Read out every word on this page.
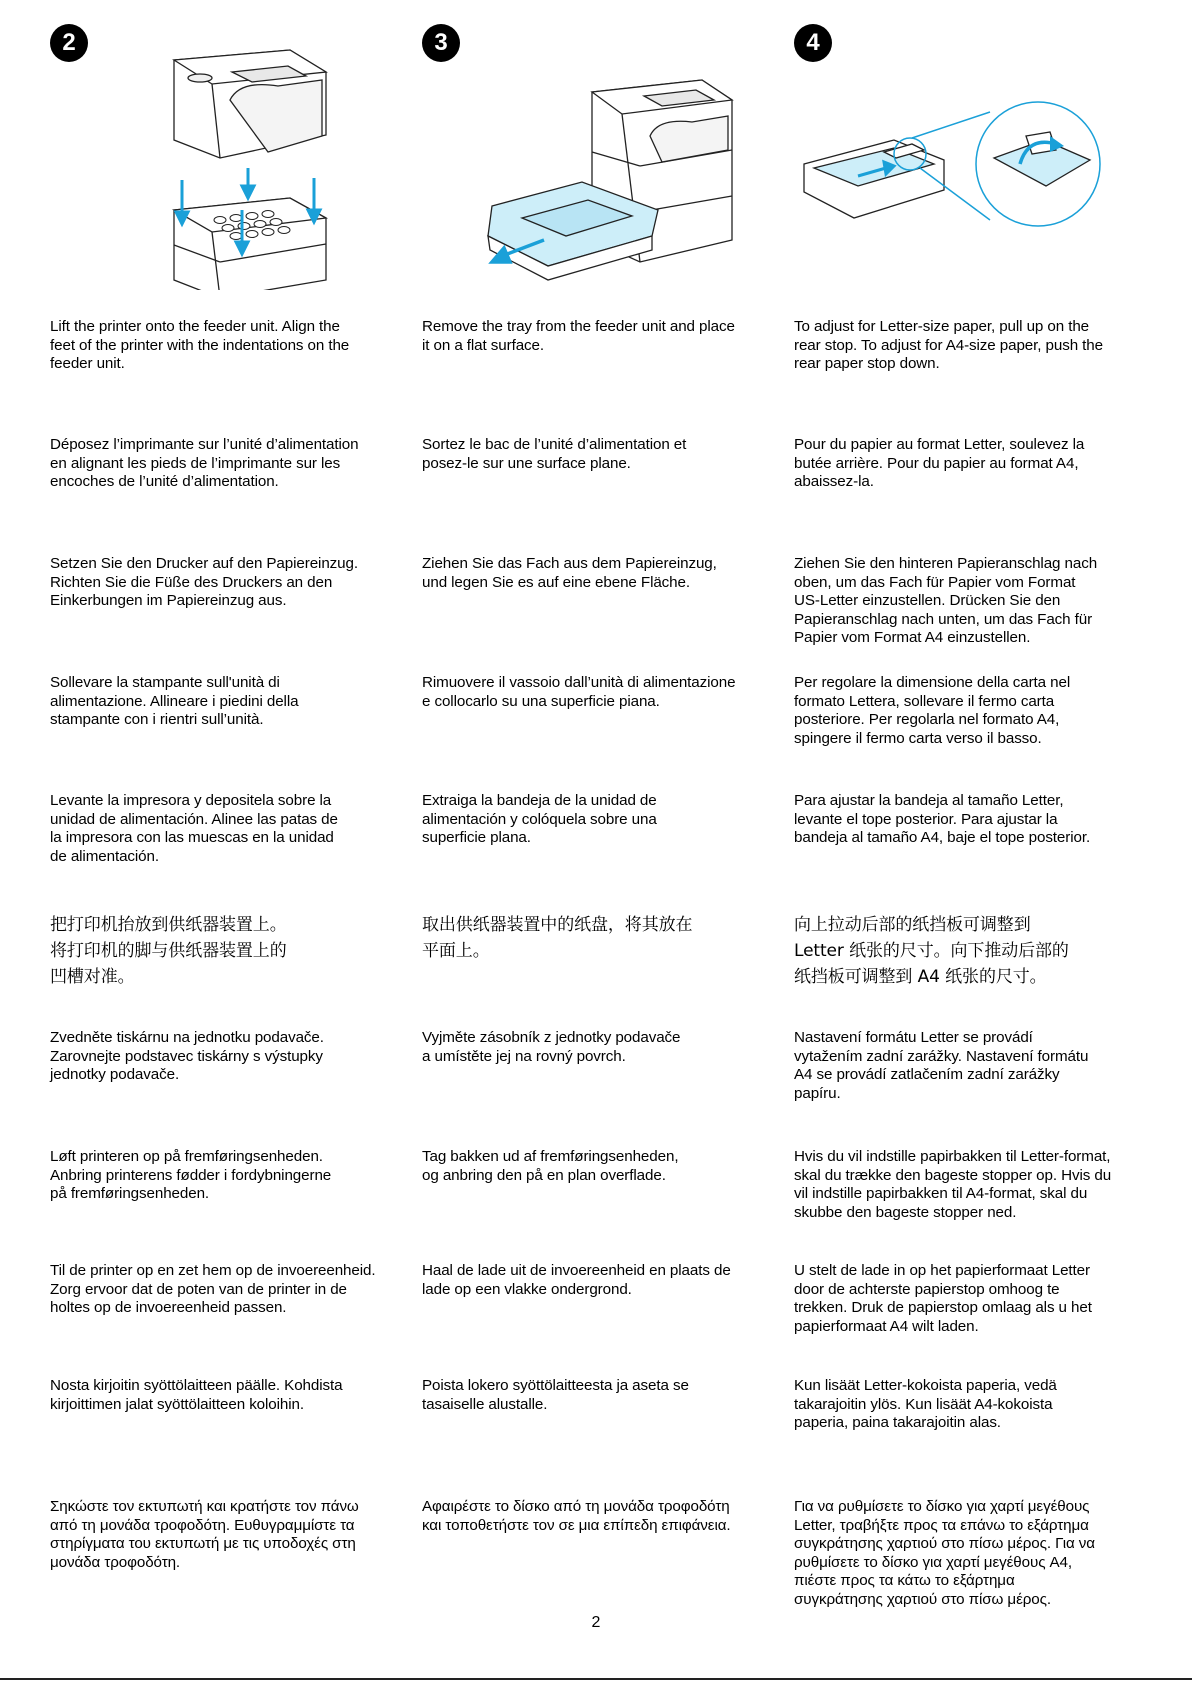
2	3	4
Lift the printer onto the feeder unit. Align the
feet of the printer with the indentations on the
feeder unit.
Déposez l’imprimante sur l’unité d’alimentation
en alignant les pieds de l’imprimante sur les
encoches de l’unité d’alimentation.
Setzen Sie den Drucker auf den Papiereinzug.
Richten Sie die Füße des Druckers an den
Einkerbungen im Papiereinzug aus.
Sollevare la stampante sull'unità di
alimentazione. Allineare i piedini della
stampante con i rientri sull’unità.
Levante la impresora y depositela sobre la
unidad de alimentación. Alinee las patas de
la impresora con las muescas en la unidad
de alimentación.
把打印机抬放到供纸器装置上。
将打印机的脚与供纸器装置上的
凹槽对准。
Zvedněte tiskárnu na jednotku podavače.
Zarovnejte podstavec tiskárny s výstupky
jednotky podavače.
Løft printeren op på fremføringsenheden.
Anbring printerens fødder i fordybningerne
på fremføringsenheden.
Til de printer op en zet hem op de invoereenheid.
Zorg ervoor dat de poten van de printer in de
holtes op de invoereenheid passen.
Nosta kirjoitin syöttölaitteen päälle. Kohdista
kirjoittimen jalat syöttölaitteen koloihin.
Σηκώστε τον εκτυπωτή και κρατήστε τον πάνω
από τη μονάδα τροφοδότη. Ευθυγραμμίστε τα
στηρίγματα του εκτυπωτή με τις υποδοχές στη
μονάδα τροφοδότη.
Remove the tray from the feeder unit and place
it on a flat surface.
Sortez le bac de l’unité d’alimentation et
posez-le sur une surface plane.
Ziehen Sie das Fach aus dem Papiereinzug,
und legen Sie es auf eine ebene Fläche.
Rimuovere il vassoio dall’unità di alimentazione
e collocarlo su una superficie piana.
Extraiga la bandeja de la unidad de
alimentación y colóquela sobre una
superficie plana.
取出供纸器装置中的纸盘，将其放在
平面上。
Vyjměte zásobník z jednotky podavače
a umístěte jej na rovný povrch.
Tag bakken ud af fremføringsenheden,
og anbring den på en plan overflade.
Haal de lade uit de invoereenheid en plaats de
lade op een vlakke ondergrond.
Poista lokero syöttölaitteesta ja aseta se
tasaiselle alustalle.
Αφαιρέστε το δίσκο από τη μονάδα τροφοδότη
και τοποθετήστε τον σε μια επίπεδη επιφάνεια.
To adjust for Letter-size paper, pull up on the
rear stop. To adjust for A4-size paper, push the
rear paper stop down.
Pour du papier au format Letter, soulevez la
butée arrière. Pour du papier au format A4,
abaissez-la.
Ziehen Sie den hinteren Papieranschlag nach
oben, um das Fach für Papier vom Format
US-Letter einzustellen. Drücken Sie den
Papieranschlag nach unten, um das Fach für
Papier vom Format A4 einzustellen.
Per regolare la dimensione della carta nel
formato Lettera, sollevare il fermo carta
posteriore. Per regolarla nel formato A4,
spingere il fermo carta verso il basso.
Para ajustar la bandeja al tamaño Letter,
levante el tope posterior. Para ajustar la
bandeja al tamaño A4, baje el tope posterior.
向上拉动后部的纸挡板可调整到
Letter 纸张的尺寸。向下推动后部的
纸挡板可调整到 A4 纸张的尺寸。
Nastavení formátu Letter se provádí
vytažením zadní zarážky. Nastavení formátu
A4 se provádí zatlačením zadní zarážky
papíru.
Hvis du vil indstille papirbakken til Letter-format,
skal du trække den bageste stopper op. Hvis du
vil indstille papirbakken til A4-format, skal du
skubbe den bageste stopper ned.
U stelt de lade in op het papierformaat Letter
door de achterste papierstop omhoog te
trekken. Druk de papierstop omlaag als u het
papierformaat A4 wilt laden.
Kun lisäät Letter-kokoista paperia, vedä
takarajoitin ylös. Kun lisäät A4-kokoista
paperia, paina takarajoitin alas.
Για να ρυθμίσετε το δίσκο για χαρτί μεγέθους
Letter, τραβήξτε προς τα επάνω το εξάρτημα
συγκράτησης χαρτιού στο πίσω μέρος. Για να
ρυθμίσετε το δίσκο για χαρτί μεγέθους A4,
πιέστε προς τα κάτω το εξάρτημα
συγκράτησης χαρτιού στο πίσω μέρος.
2
